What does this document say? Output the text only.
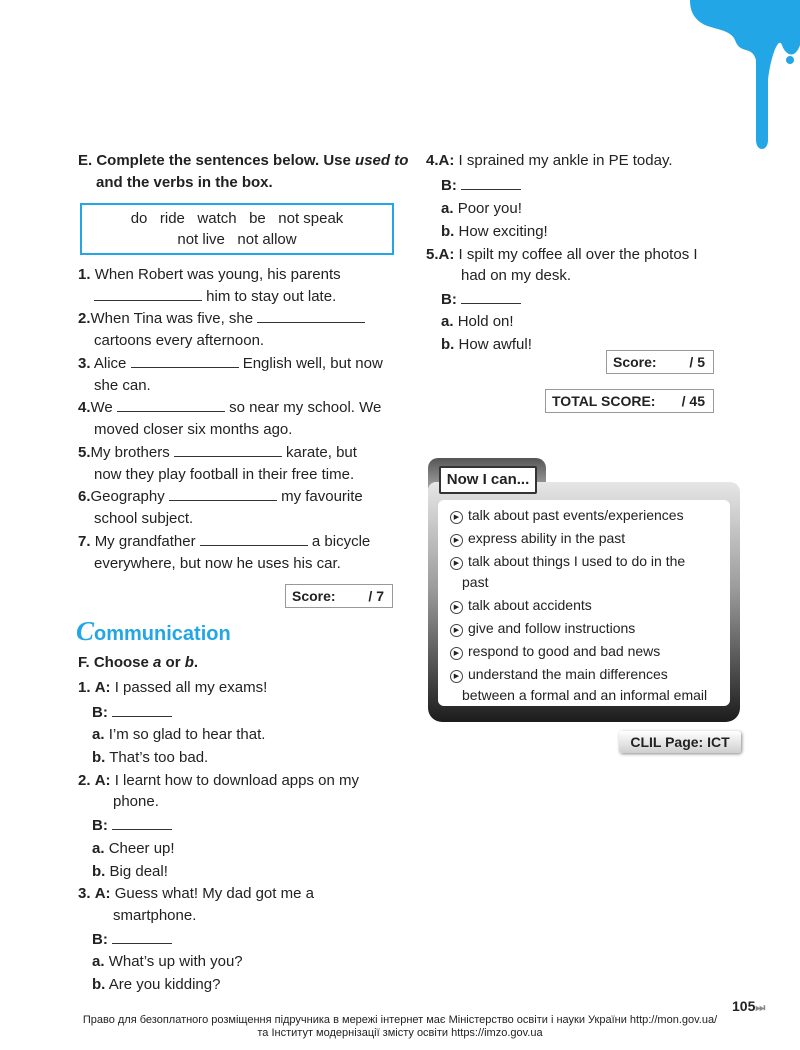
E. Complete the sentences below. Use used to
and the verbs in the box.
do   ride   watch   be   not speak
not live   not allow
1. When Robert was young, his parents
him to stay out late.
2.When Tina was five, she
cartoons every afternoon.
3. Alice	English well, but now
she can.
4.We	so near my school. We
moved closer six months ago.
5.My brothers	karate, but
now they play football in their free time.
6.Geography	my favourite
school subject.
7. My grandfather	a bicycle
everywhere, but now he uses his car.
Score: / 7
Communication
F. Choose a or b.
1. A: I passed all my exams!
B:
a. I’m so glad to hear that.
b. That’s too bad.
2. A: I learnt how to download apps on my
phone.
B:
a. Cheer up!
b. Big deal!
3. A: Guess what! My dad got me a
smartphone.
B:
a. What’s up with you?
b. Are you kidding?
4.A: I sprained my ankle in PE today.
B:
a. Poor you!
b. How exciting!
5.A: I spilt my coffee all over the photos I
had on my desk.
B:
a. Hold on!
b. How awful!
Score: / 5
TOTAL SCORE: / 45
Now I can...
▶ talk about past events/experiences
▶ express ability in the past
▶ talk about things I used to do in the
past
▶ talk about accidents
▶ give and follow instructions
▶ respond to good and bad news
▶ understand the main differences
between a formal and an informal email
CLIL Page: ICT
105⏭
Право для безоплатного розміщення підручника в мережі інтернет має Міністерство освіти і науки України http://mon.gov.ua/
та Інститут модернізації змісту освіти https://imzo.gov.ua
